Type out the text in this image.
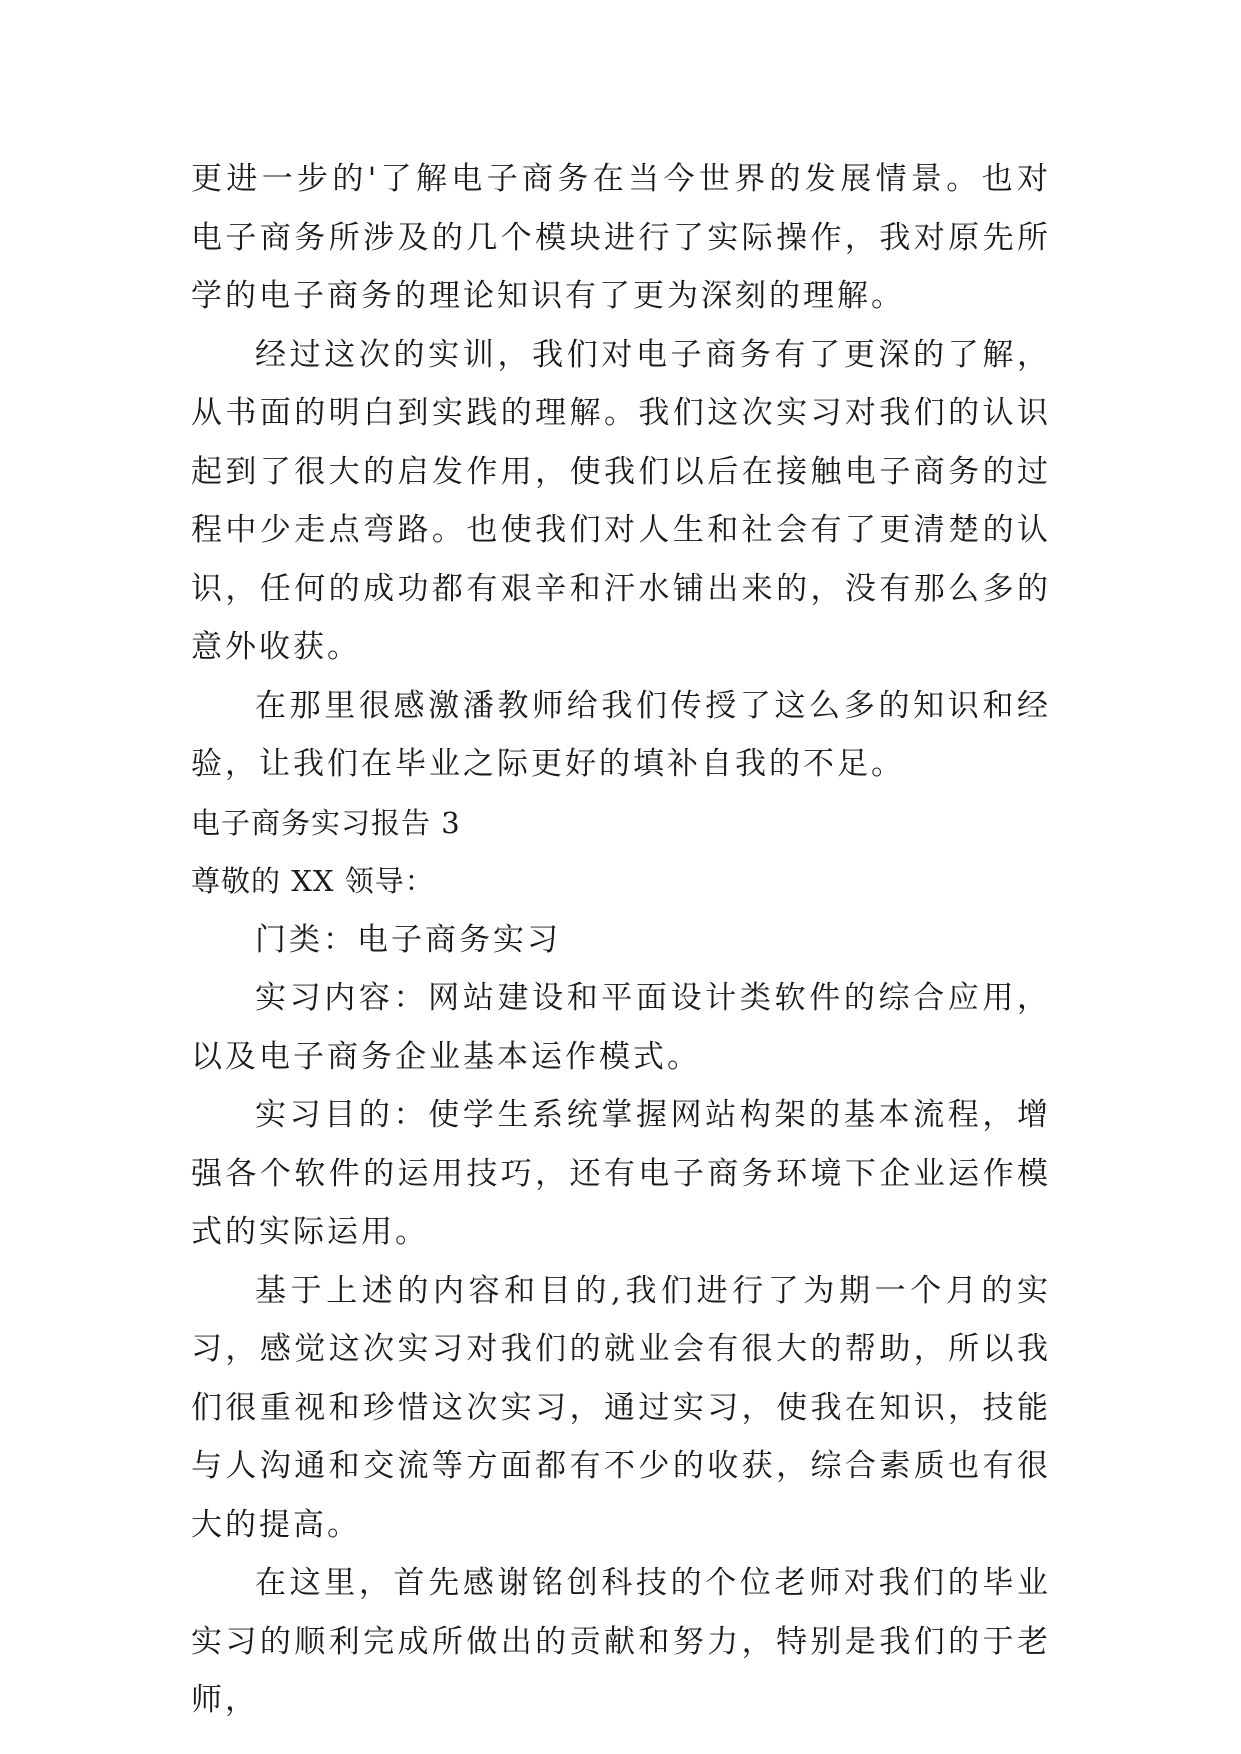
更进一步的'了解电子商务在当今世界的发展情景。也对电子商务所涉及的几个模块进行了实际操作，我对原先所学的电子商务的理论知识有了更为深刻的理解。

经过这次的实训，我们对电子商务有了更深的了解，从书面的明白到实践的理解。我们这次实习对我们的认识起到了很大的启发作用，使我们以后在接触电子商务的过程中少走点弯路。也使我们对人生和社会有了更清楚的认识，任何的成功都有艰辛和汗水铺出来的，没有那么多的意外收获。

在那里很感激潘教师给我们传授了这么多的知识和经验，让我们在毕业之际更好的填补自我的不足。

电子商务实习报告 3

尊敬的 XX 领导：

门类：电子商务实习

实习内容：网站建设和平面设计类软件的综合应用，以及电子商务企业基本运作模式。

实习目的：使学生系统掌握网站构架的基本流程，增强各个软件的运用技巧，还有电子商务环境下企业运作模式的实际运用。

基于上述的内容和目的,我们进行了为期一个月的实习，感觉这次实习对我们的就业会有很大的帮助，所以我们很重视和珍惜这次实习，通过实习，使我在知识，技能与人沟通和交流等方面都有不少的收获，综合素质也有很大的提高。

在这里，首先感谢铭创科技的个位老师对我们的毕业实习的顺利完成所做出的贡献和努力，特别是我们的于老师，
